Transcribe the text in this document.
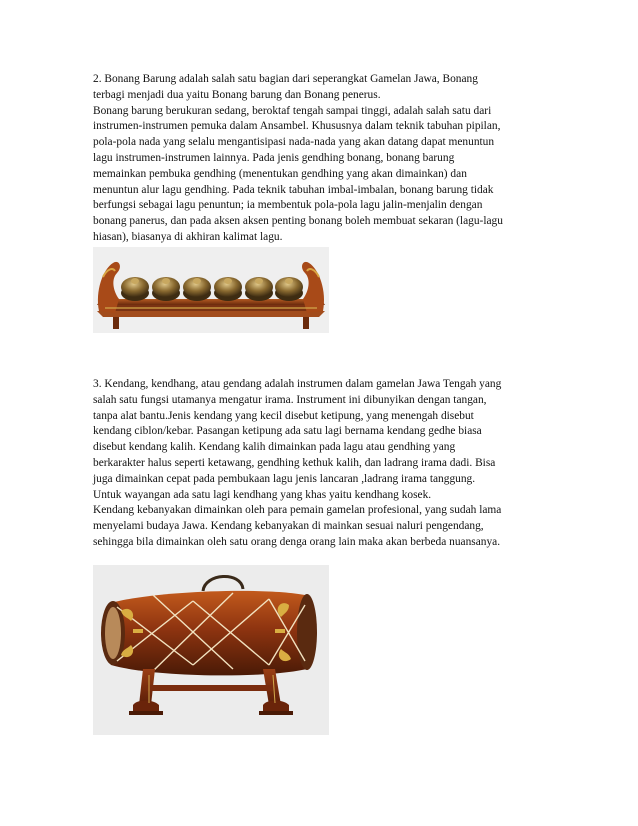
2. Bonang Barung adalah salah satu bagian dari seperangkat Gamelan Jawa, Bonang
terbagi menjadi dua yaitu Bonang barung dan Bonang penerus.
Bonang barung berukuran sedang, beroktaf tengah sampai tinggi, adalah salah satu dari
instrumen-instrumen pemuka dalam Ansambel. Khususnya dalam teknik tabuhan pipilan,
pola-pola nada yang selalu mengantisipasi nada-nada yang akan datang dapat menuntun
lagu instrumen-instrumen lainnya. Pada jenis gendhing bonang, bonang barung
memainkan pembuka gendhing (menentukan gendhing yang akan dimainkan) dan
menuntun alur lagu gendhing. Pada teknik tabuhan imbal-imbalan, bonang barung tidak
berfungsi sebagai lagu penuntun; ia membentuk pola-pola lagu jalin-menjalin dengan
bonang panerus, dan pada aksen aksen penting bonang boleh membuat sekaran (lagu-lagu
hiasan), biasanya di akhiran kalimat lagu.
3. Kendang, kendhang, atau gendang adalah instrumen dalam gamelan Jawa Tengah yang
salah satu fungsi utamanya mengatur irama. Instrument ini dibunyikan dengan tangan,
tanpa alat bantu.Jenis kendang yang kecil disebut ketipung, yang menengah disebut
kendang ciblon/kebar. Pasangan ketipung ada satu lagi bernama kendang gedhe biasa
disebut kendang kalih. Kendang kalih dimainkan pada lagu atau gendhing yang
berkarakter halus seperti ketawang, gendhing kethuk kalih, dan ladrang irama dadi. Bisa
juga dimainkan cepat pada pembukaan lagu jenis lancaran ,ladrang irama tanggung.
Untuk wayangan ada satu lagi kendhang yang khas yaitu kendhang kosek.
Kendang kebanyakan dimainkan oleh para pemain gamelan profesional, yang sudah lama
menyelami budaya Jawa. Kendang kebanyakan di mainkan sesuai naluri pengendang,
sehingga bila dimainkan oleh satu orang denga orang lain maka akan berbeda nuansanya.
